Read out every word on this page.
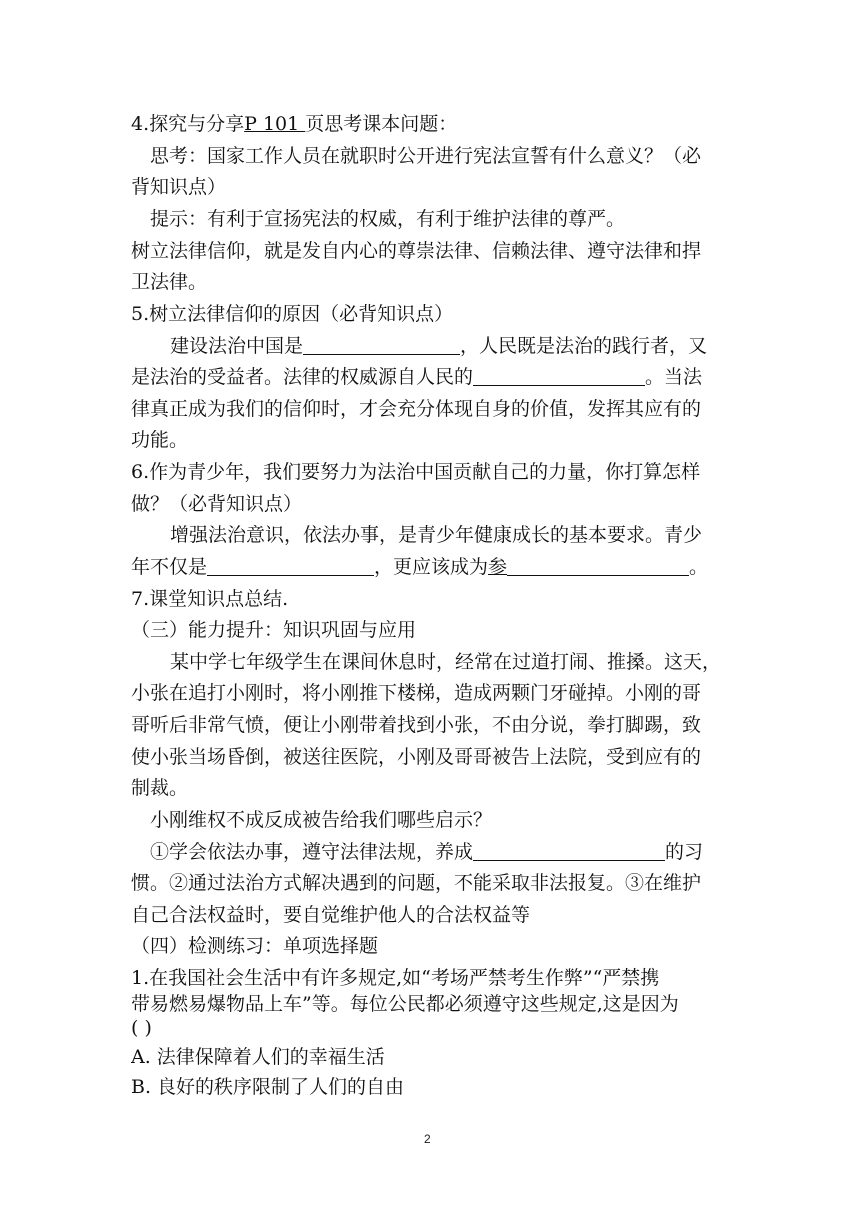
4.探究与分享P 101 页思考课本问题：
思考：国家工作人员在就职时公开进行宪法宣誓有什么意义？（必
背知识点）
提示：有利于宣扬宪法的权威，有利于维护法律的尊严。
树立法律信仰，就是发自内心的尊崇法律、信赖法律、遵守法律和捍
卫法律。
5.树立法律信仰的原因（必背知识点）
建设法治中国是	，人民既是法治的践行者，又
是法治的受益者。法律的权威源自人民的	。当法
律真正成为我们的信仰时，才会充分体现自身的价值，发挥其应有的
功能。
6.作为青少年，我们要努力为法治中国贡献自己的力量，你打算怎样
做？（必背知识点）
增强法治意识，依法办事，是青少年健康成长的基本要求。青少
年不仅是	，更应该成为参	。
7.课堂知识点总结.
（三）能力提升：知识巩固与应用
某中学七年级学生在课间休息时，经常在过道打闹、推搡。这天，
小张在追打小刚时，将小刚推下楼梯，造成两颗门牙碰掉。小刚的哥
哥听后非常气愤，便让小刚带着找到小张，不由分说，拳打脚踢，致
使小张当场昏倒，被送往医院，小刚及哥哥被告上法院，受到应有的
制裁。
小刚维权不成反成被告给我们哪些启示？
①学会依法办事，遵守法律法规，养成	的习
惯。②通过法治方式解决遇到的问题，不能采取非法报复。③在维护
自己合法权益时，要自觉维护他人的合法权益等
（四）检测练习：单项选择题
1.在我国社会生活中有许多规定,如“考场严禁考生作弊”“严禁携
带易燃易爆物品上车”等。每位公民都必须遵守这些规定,这是因为
( )
A. 法律保障着人们的幸福生活
B. 良好的秩序限制了人们的自由
2
